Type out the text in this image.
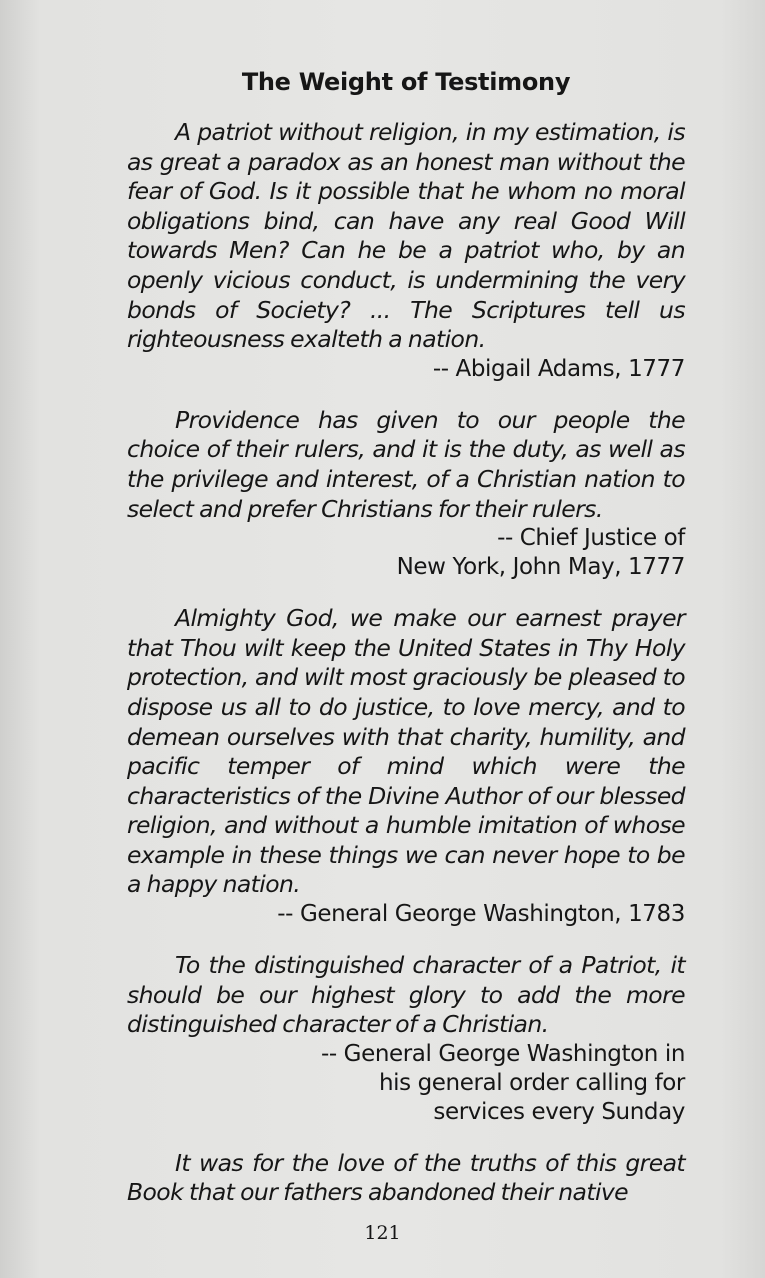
The Weight of Testimony

A patriot without religion, in my estimation, is as great a paradox as an honest man without the fear of God. Is it possible that he whom no moral obligations bind, can have any real Good Will towards Men? Can he be a patriot who, by an openly vicious conduct, is undermining the very bonds of Society? ... The Scriptures tell us righteousness exalteth a nation.

-- Abigail Adams, 1777

Providence has given to our people the choice of their rulers, and it is the duty, as well as the privilege and interest, of a Christian nation to select and prefer Christians for their rulers.

-- Chief Justice of

New York, John May, 1777

Almighty God, we make our earnest prayer that Thou wilt keep the United States in Thy Holy protection, and wilt most graciously be pleased to dispose us all to do justice, to love mercy, and to demean ourselves with that charity, humility, and pacific temper of mind which were the characteristics of the Divine Author of our blessed religion, and without a humble imitation of whose example in these things we can never hope to be a happy nation.

-- General George Washington, 1783

To the distinguished character of a Patriot, it should be our highest glory to add the more distinguished character of a Christian.

-- General George Washington in

his general order calling for

services every Sunday

It was for the love of the truths of this great Book that our fathers abandoned their native

121
